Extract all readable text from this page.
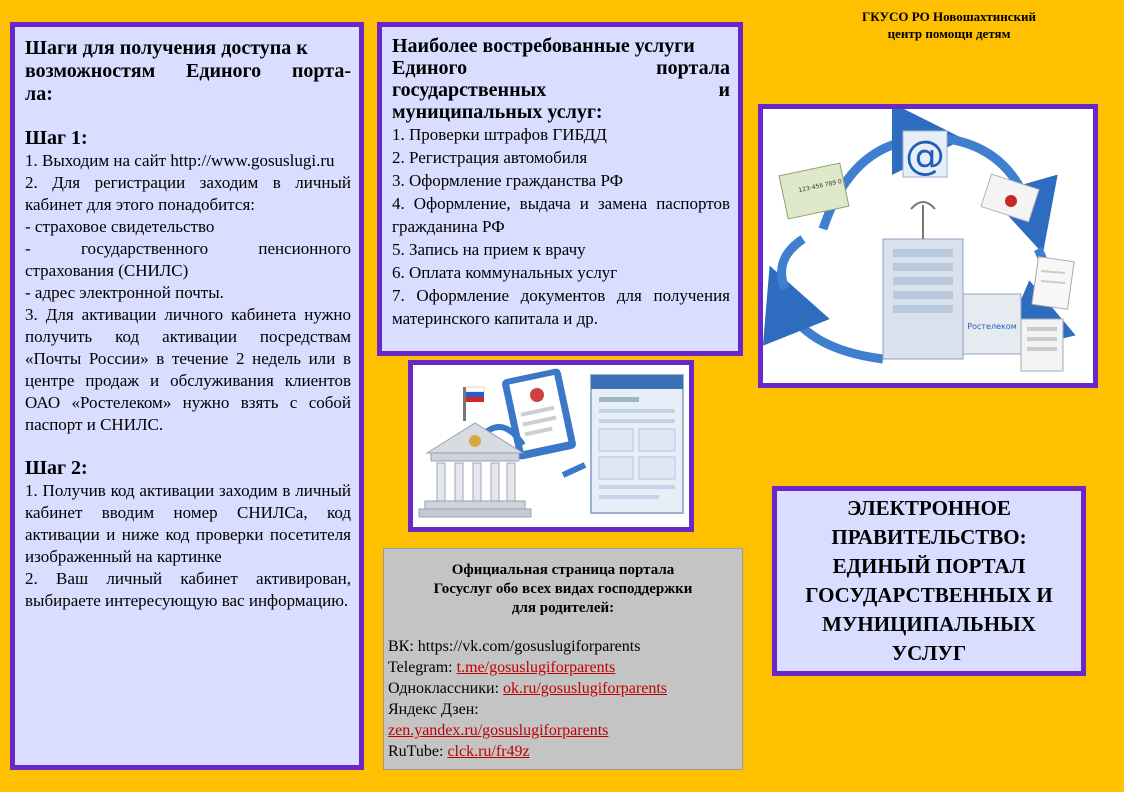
ГКУСО РО Новошахтинский
центр помощи детям
Шаги для получения доступа к
возможностям Единого порта-
ла:
Шаг 1:

1. Выходим на сайт http://www.gosuslugi.ru

2. Для регистрации заходим в личный кабинет для этого понадобится:

- страховое свидетельство

- государственного пенсионного страхования (СНИЛС)

- адрес электронной почты.

3. Для активации личного кабинета нужно получить код активации посредствам «Почты России» в течение 2 недель или в центре продаж и обслуживания клиентов ОАО «Ростелеком» нужно взять с собой паспорт и СНИЛС.

Шаг 2:

1. Получив код активации заходим в личный кабинет вводим номер СНИЛСа, код активации и ниже код проверки посетителя изображенный на картинке

2. Ваш личный кабинет активирован, выбираете интересующую вас информацию.

Наиболее востребованные услуги
Единого портала
государственных и
муниципальных услуг:

1. Проверки штрафов ГИБДД

2. Регистрация автомобиля

3. Оформление гражданства РФ

4. Оформление, выдача и замена паспортов гражданина РФ

5. Запись на прием к врачу

6. Оплата коммунальных услуг

7. Оформление документов для получения материнского капитала и др.

@
123-456 789 0
Ростелеком
ЭЛЕКТРОННОЕ
ПРАВИТЕЛЬСТВО:
ЕДИНЫЙ ПОРТАЛ
ГОСУДАРСТВЕННЫХ И
МУНИЦИПАЛЬНЫХ
УСЛУГ
Официальная страница портала
Госуслуг обо всех видах господдержки
для родителей:
ВК: https://vk.com/gosuslugiforparents
Telegram: t.me/gosuslugiforparents
Одноклассники: ok.ru/gosuslugiforparents
Яндекс Дзен:
zen.yandex.ru/gosuslugiforparents
RuTube: clck.ru/fr49z
